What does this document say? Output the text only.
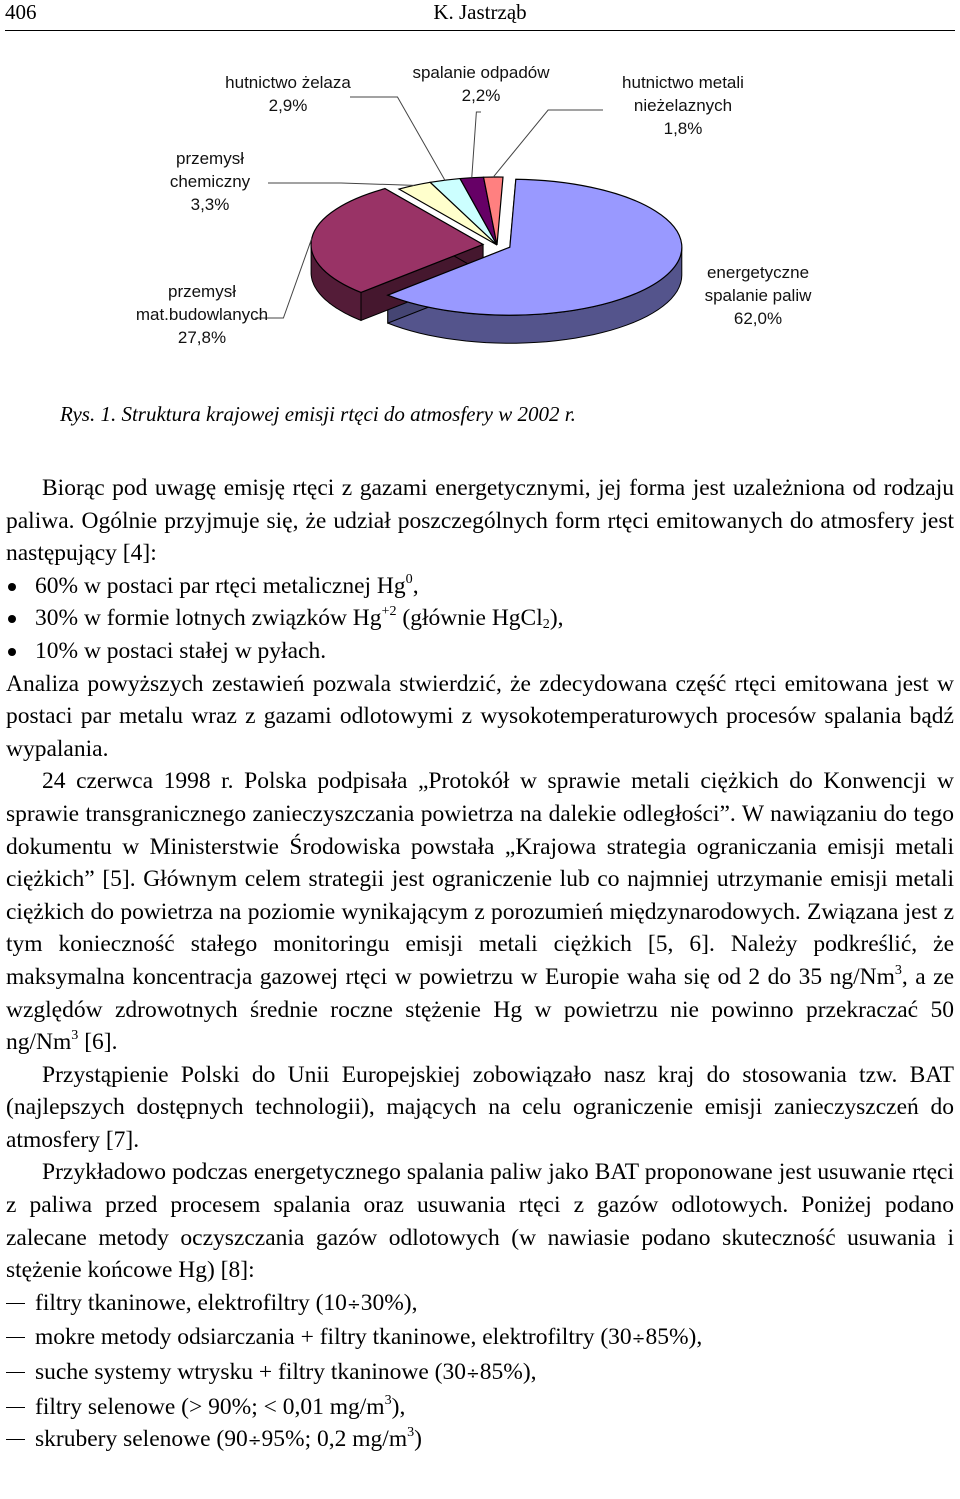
406	K. Jastrząb
energetyczne
spalanie paliw
62,0%
przemysł
mat.budowlanych
27,8%
przemysł
chemiczny
3,3%
hutnictwo żelaza
2,9%
spalanie odpadów
2,2%
hutnictwo metali
nieżelaznych
1,8%
Rys. 1. Struktura krajowej emisji rtęci do atmosfery w 2002 r.

Biorąc pod uwagę emisję rtęci z gazami energetycznymi, jej forma jest uzależniona od rodzaju paliwa. Ogólnie przyjmuje się, że udział poszczególnych form rtęci emitowanych do atmosfery jest następujący [4]:

60% w postaci par rtęci metalicznej Hg$^0$,
30% w formie lotnych związków $Hg^{+2}$ (głównie HgCl$_2$),
10% w postaci stałej w pyłach.

Analiza powyższych zestawień pozwala stwierdzić, że zdecydowana część rtęci emitowana jest w postaci par metalu wraz z gazami odlotowymi z wysokotemperaturowych procesów spalania bądź wypalania.

24 czerwca 1998 r. Polska podpisała „Protokół w sprawie metali ciężkich do Konwencji w sprawie transgranicznego zanieczyszczania powietrza na dalekie odległości”. W nawiązaniu do tego dokumentu w Ministerstwie Środowiska powstała „Krajowa strategia ograniczania emisji metali ciężkich” [5]. Głównym celem strategii jest ograniczenie lub co najmniej utrzymanie emisji metali ciężkich do powietrza na poziomie wynikającym z porozumień międzynarodowych. Związana jest z tym konieczność stałego monitoringu emisji metali ciężkich [5, 6]. Należy podkreślić, że maksymalna koncentracja gazowej rtęci w powietrzu w Europie waha się od 2 do 35 ng/Nm$^3$, a ze względów zdrowotnych średnie roczne stężenie Hg w powietrzu nie powinno przekraczać 50 ng/Nm$^3$ [6].

Przystąpienie Polski do Unii Europejskiej zobowiązało nasz kraj do stosowania tzw. BAT (najlepszych dostępnych technologii), mających na celu ograniczenie emisji zanieczyszczeń do atmosfery [7].

Przykładowo podczas energetycznego spalania paliw jako BAT proponowane jest usuwanie rtęci z paliwa przed procesem spalania oraz usuwania rtęci z gazów odlotowych. Poniżej podano zalecane metody oczyszczania gazów odlotowych (w nawiasie podano skuteczność usuwania i stężenie końcowe Hg) [8]:

filtry tkaninowe, elektrofiltry (10÷30%),
mokre metody odsiarczania + filtry tkaninowe, elektrofiltry (30÷85%),
suche systemy wtrysku + filtry tkaninowe (30÷85%),
filtry selenowe (> 90%; < 0,01 $mg/m^3$),
skrubery selenowe (90÷95%; 0,2 $mg/m^3$)
